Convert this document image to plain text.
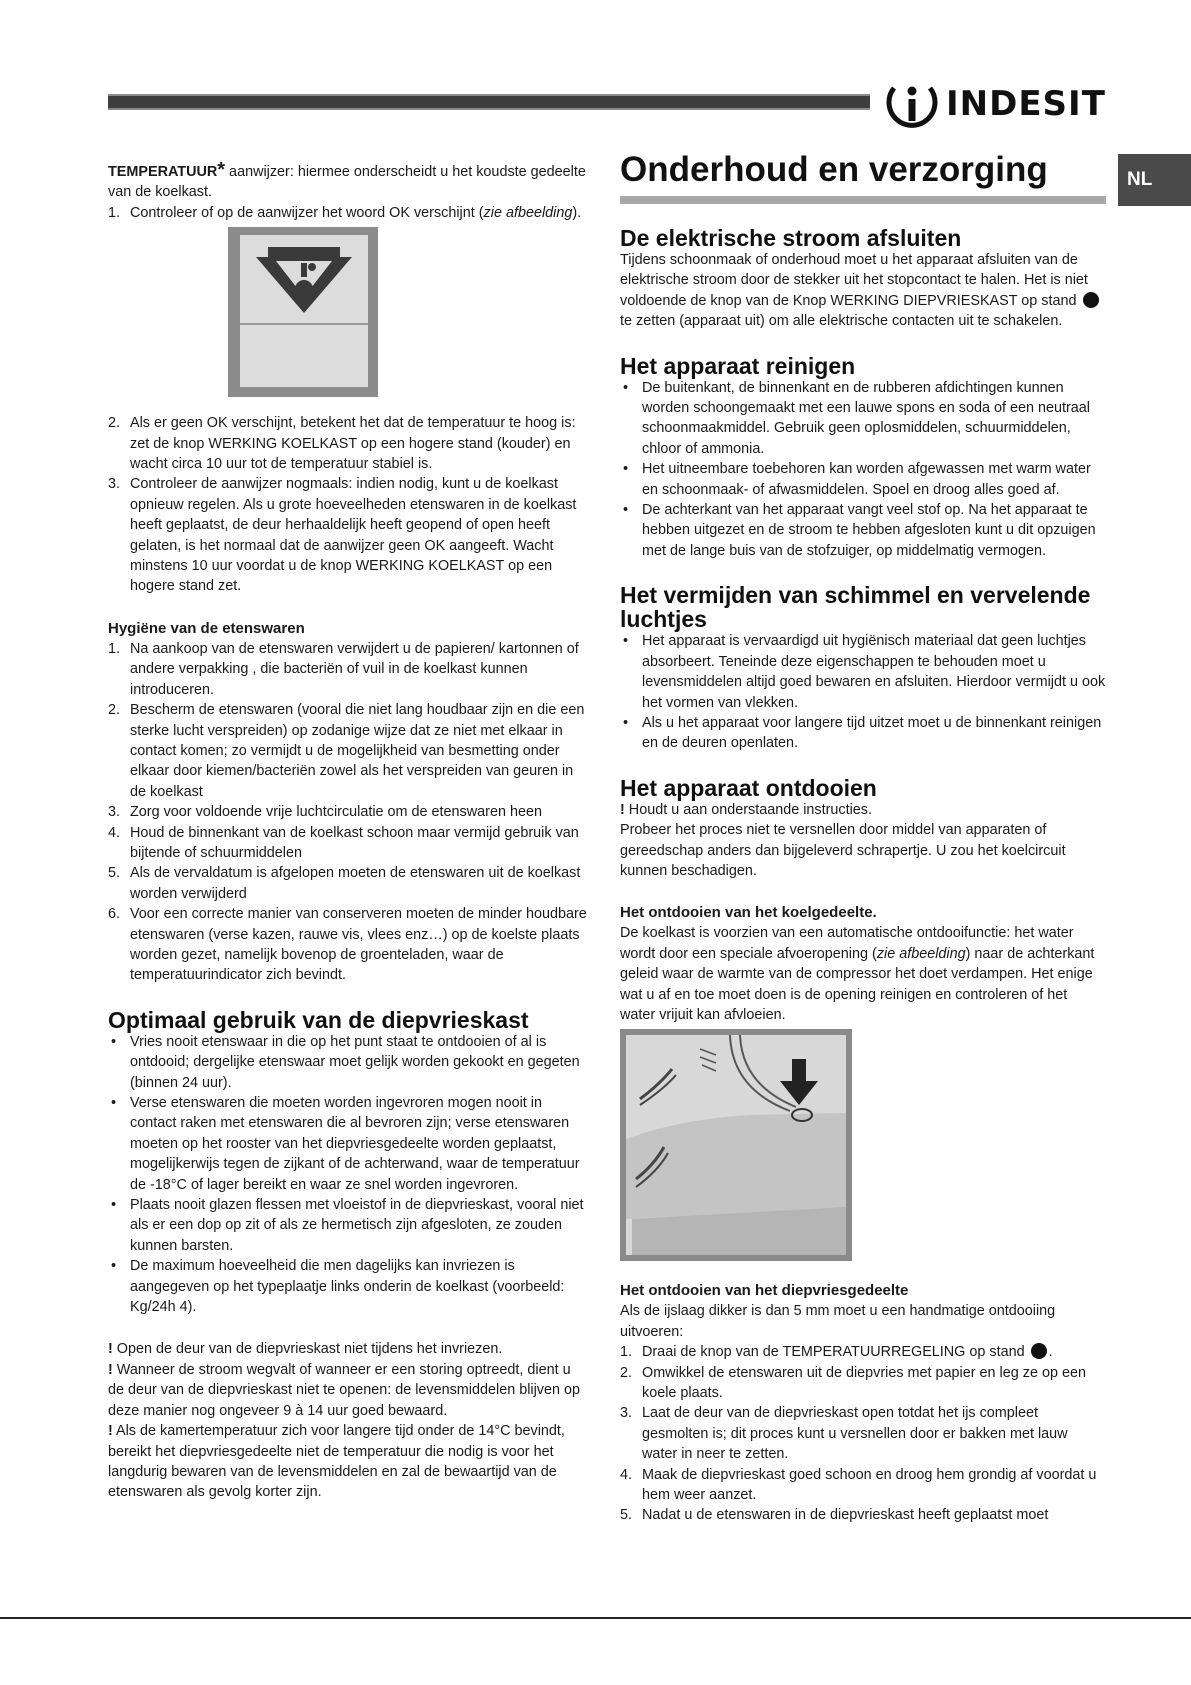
INDESIT
NL

TEMPERATUUR* aanwijzer: hiermee onderscheidt u het koudste gedeelte van de koelkast.

1. Controleer of op de aanwijzer het woord OK verschijnt (zie afbeelding).
2. Als er geen OK verschijnt, betekent het dat de temperatuur te hoog is: zet de knop WERKING KOELKAST op een hogere stand (kouder) en wacht circa 10 uur tot de temperatuur stabiel is.
3. Controleer de aanwijzer nogmaals: indien nodig, kunt u de koelkast opnieuw regelen. Als u grote hoeveelheden etenswaren in de koelkast heeft geplaatst, de deur herhaaldelijk heeft geopend of open heeft gelaten, is het normaal dat de aanwijzer geen OK aangeeft. Wacht minstens 10 uur voordat u de knop WERKING KOELKAST op een hogere stand zet.

Hygiëne van de etenswaren

1. Na aankoop van de etenswaren verwijdert u de papieren/ kartonnen of andere verpakking , die bacteriën of vuil in de koelkast kunnen introduceren.
2. Bescherm de etenswaren (vooral die niet lang houdbaar zijn en die een sterke lucht verspreiden) op zodanige wijze dat ze niet met elkaar in contact komen; zo vermijdt u de mogelijkheid van besmetting onder elkaar door kiemen/bacteriën zowel als het verspreiden van geuren in de koelkast
3. Zorg voor voldoende vrije luchtcirculatie om de etenswaren heen
4. Houd de binnenkant van de koelkast schoon maar vermijd gebruik van bijtende of schuurmiddelen
5. Als de vervaldatum is afgelopen moeten de etenswaren uit de koelkast worden verwijderd
6. Voor een correcte manier van conserveren moeten de minder houdbare etenswaren (verse kazen, rauwe vis, vlees enz…) op de koelste plaats worden gezet, namelijk bovenop de groenteladen, waar de temperatuurindicator zich bevindt.

Optimaal gebruik van de diepvrieskast

• Vries nooit etenswaar in die op het punt staat te ontdooien of al is ontdooid; dergelijke etenswaar moet gelijk worden gekookt en gegeten (binnen 24 uur).
• Verse etenswaren die moeten worden ingevroren mogen nooit in contact raken met etenswaren die al bevroren zijn; verse etenswaren moeten op het rooster van het diepvriesgedeelte worden geplaatst, mogelijkerwijs tegen de zijkant of de achterwand, waar de temperatuur de -18°C of lager bereikt en waar ze snel worden ingevroren.
• Plaats nooit glazen flessen met vloeistof in de diepvrieskast, vooral niet als er een dop op zit of als ze hermetisch zijn afgesloten, ze zouden kunnen barsten.
• De maximum hoeveelheid die men dagelijks kan invriezen is aangegeven op het typeplaatje links onderin de koelkast (voorbeeld: Kg/24h 4).

! Open de deur van de diepvrieskast niet tijdens het invriezen.

! Wanneer de stroom wegvalt of wanneer er een storing optreedt, dient u de deur van de diepvrieskast niet te openen: de levensmiddelen blijven op deze manier nog ongeveer 9 à 14 uur goed bewaard.

! Als de kamertemperatuur zich voor langere tijd onder de 14°C bevindt, bereikt het diepvriesgedeelte niet de temperatuur die nodig is voor het langdurig bewaren van de levensmiddelen en zal de bewaartijd van de etenswaren als gevolg korter zijn.

Onderhoud en verzorging

De elektrische stroom afsluiten

Tijdens schoonmaak of onderhoud moet u het apparaat afsluiten van de elektrische stroom door de stekker uit het stopcontact te halen. Het is niet voldoende de knop van de Knop WERKING DIEPVRIESKAST op stand  te zetten (apparaat uit) om alle elektrische contacten uit te schakelen.

Het apparaat reinigen

• De buitenkant, de binnenkant en de rubberen afdichtingen kunnen worden schoongemaakt met een lauwe spons en soda of een neutraal schoonmaakmiddel. Gebruik geen oplosmiddelen, schuurmiddelen, chloor of ammonia.
• Het uitneembare toebehoren kan worden afgewassen met warm water en schoonmaak- of afwasmiddelen. Spoel en droog alles goed af.
• De achterkant van het apparaat vangt veel stof op. Na het apparaat te hebben uitgezet en de stroom te hebben afgesloten kunt u dit opzuigen met de lange buis van de stofzuiger, op middelmatig vermogen.

Het vermijden van schimmel en vervelende luchtjes

• Het apparaat is vervaardigd uit hygiënisch materiaal dat geen luchtjes absorbeert. Teneinde deze eigenschappen te behouden moet u levensmiddelen altijd goed bewaren en afsluiten. Hierdoor vermijdt u ook het vormen van vlekken.
• Als u het apparaat voor langere tijd uitzet moet u de binnenkant reinigen en de deuren openlaten.

Het apparaat ontdooien

! Houdt u aan onderstaande instructies.

Probeer het proces niet te versnellen door middel van apparaten of gereedschap anders dan bijgeleverd schrapertje. U zou het koelcircuit kunnen beschadigen.

Het ontdooien van het koelgedeelte.

De koelkast is voorzien van een automatische ontdooifunctie: het water wordt door een speciale afvoeropening (zie afbeelding) naar de achterkant geleid waar de warmte van de compressor het doet verdampen. Het enige wat u af en toe moet doen is de opening reinigen en controleren of het water vrijuit kan afvloeien.

Het ontdooien van het diepvriesgedeelte

Als de ijslaag dikker is dan 5 mm moet u een handmatige ontdooiing uitvoeren:

1. Draai de knop van de TEMPERATUURREGELING op stand .
2. Omwikkel de etenswaren uit de diepvries met papier en leg ze op een koele plaats.
3. Laat de deur van de diepvrieskast open totdat het ijs compleet gesmolten is; dit proces kunt u versnellen door er bakken met lauw water in neer te zetten.
4. Maak de diepvrieskast goed schoon en droog hem grondig af voordat u hem weer aanzet.
5. Nadat u de etenswaren in de diepvrieskast heeft geplaatst moet
